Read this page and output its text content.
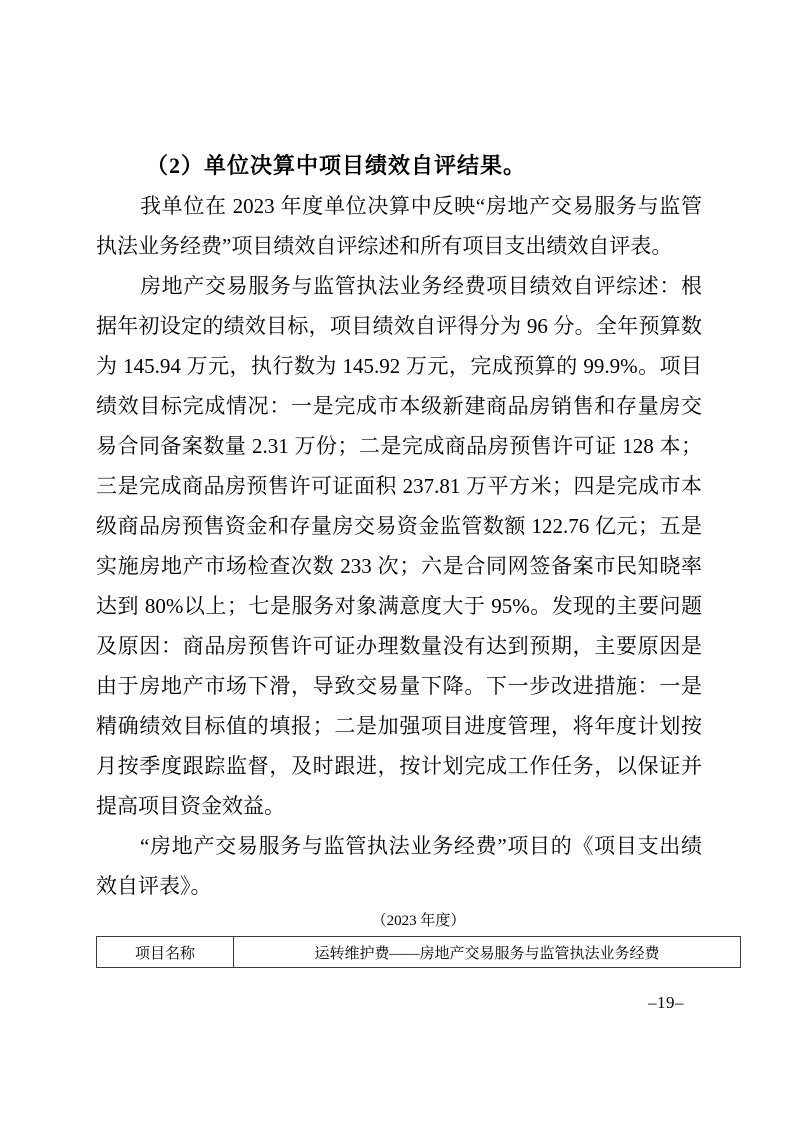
（2）单位决算中项目绩效自评结果。

我单位在 2023 年度单位决算中反映“房地产交易服务与监管执法业务经费”项目绩效自评综述和所有项目支出绩效自评表。

房地产交易服务与监管执法业务经费项目绩效自评综述：根据年初设定的绩效目标，项目绩效自评得分为 96 分。全年预算数为 145.94 万元，执行数为 145.92 万元，完成预算的 99.9%。项目绩效目标完成情况：一是完成市本级新建商品房销售和存量房交易合同备案数量 2.31 万份；二是完成商品房预售许可证 128 本；三是完成商品房预售许可证面积 237.81 万平方米；四是完成市本级商品房预售资金和存量房交易资金监管数额 122.76 亿元；五是实施房地产市场检查次数 233 次；六是合同网签备案市民知晓率达到 80%以上；七是服务对象满意度大于 95%。发现的主要问题及原因：商品房预售许可证办理数量没有达到预期，主要原因是由于房地产市场下滑，导致交易量下降。下一步改进措施：一是精确绩效目标值的填报；二是加强项目进度管理，将年度计划按月按季度跟踪监督，及时跟进，按计划完成工作任务，以保证并提高项目资金效益。

“房地产交易服务与监管执法业务经费”项目的《项目支出绩效自评表》。

（2023 年度）
项目名称	运转维护费——房地产交易服务与监管执法业务经费
–19–
